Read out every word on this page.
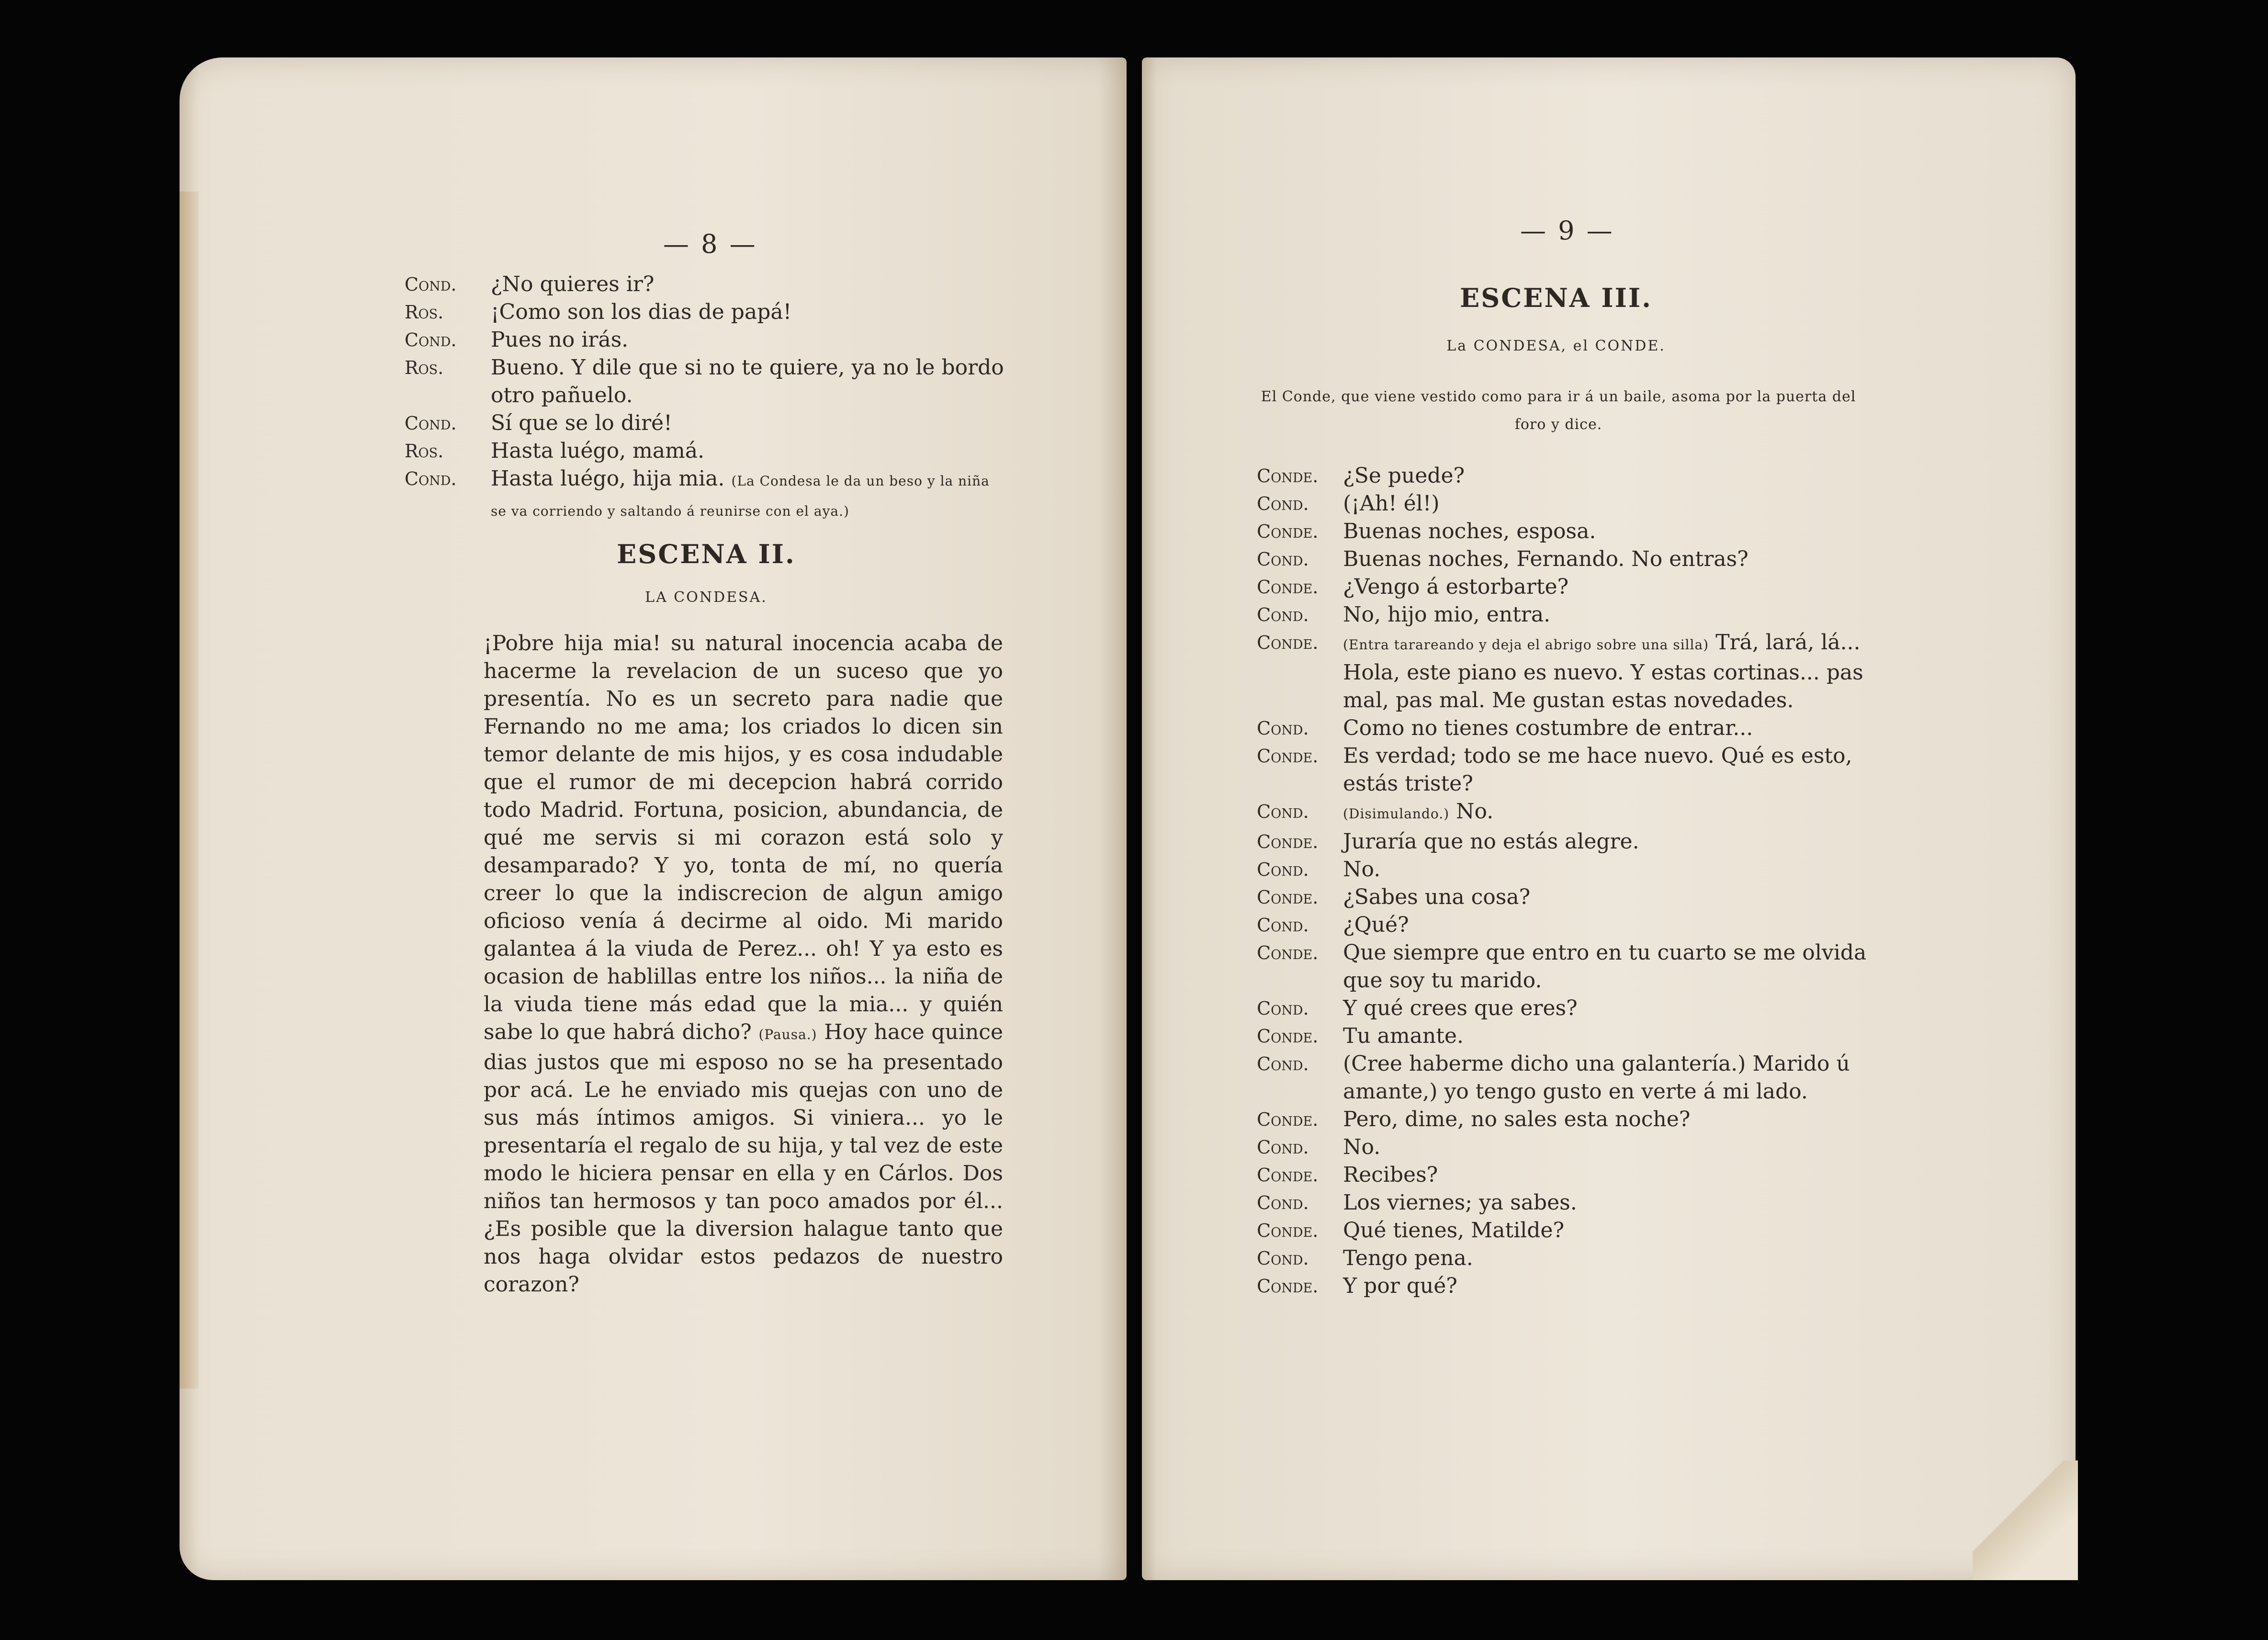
— 8 —
Cond.	¿No quieres ir?
Ros.	¡Como son los dias de papá!
Cond.	Pues no irás.
Ros.	Bueno. Y dile que si no te quiere, ya no le bordo otro pañuelo.
Cond.	Sí que se lo diré!
Ros.	Hasta luégo, mamá.
Cond.	Hasta luégo, hija mia. (La Condesa le da un beso y la niña se va corriendo y saltando á reunirse con el aya.)
ESCENA II.
LA CONDESA.
¡Pobre hija mia! su natural inocencia acaba de hacerme la revelacion de un suceso que yo presentía. No es un secreto para nadie que Fernando no me ama; los criados lo dicen sin temor delante de mis hijos, y es cosa indudable que el rumor de mi decepcion habrá corrido todo Madrid. Fortuna, posicion, abundancia, de qué me servis si mi corazon está solo y desamparado? Y yo, tonta de mí, no quería creer lo que la indiscrecion de algun amigo oficioso venía á decirme al oido. Mi marido galantea á la viuda de Perez... oh! Y ya esto es ocasion de hablillas entre los niños... la niña de la viuda tiene más edad que la mia... y quién sabe lo que habrá dicho? (Pausa.) Hoy hace quince dias justos que mi esposo no se ha presentado por acá. Le he enviado mis quejas con uno de sus más íntimos amigos. Si viniera... yo le presentaría el regalo de su hija, y tal vez de este modo le hiciera pensar en ella y en Cárlos. Dos niños tan hermosos y tan poco amados por él... ¿Es posible que la diversion halague tanto que nos haga olvidar estos pedazos de nuestro corazon?
— 9 —
ESCENA III.
La CONDESA, el CONDE.
El Conde, que viene vestido como para ir á un baile, asoma por la puerta del foro y dice.
Conde.	¿Se puede?
Cond.	(¡Ah! él!)
Conde.	Buenas noches, esposa.
Cond.	Buenas noches, Fernando. No entras?
Conde.	¿Vengo á estorbarte?
Cond.	No, hijo mio, entra.
Conde.	(Entra tarareando y deja el abrigo sobre una silla) Trá, lará, lá... Hola, este piano es nuevo. Y estas cortinas... pas mal, pas mal. Me gustan estas novedades.
Cond.	Como no tienes costumbre de entrar...
Conde.	Es verdad; todo se me hace nuevo. Qué es esto, estás triste?
Cond.	(Disimulando.) No.
Conde.	Juraría que no estás alegre.
Cond.	No.
Conde.	¿Sabes una cosa?
Cond.	¿Qué?
Conde.	Que siempre que entro en tu cuarto se me olvida que soy tu marido.
Cond.	Y qué crees que eres?
Conde.	Tu amante.
Cond.	(Cree haberme dicho una galantería.) Marido ú amante,) yo tengo gusto en verte á mi lado.
Conde.	Pero, dime, no sales esta noche?
Cond.	No.
Conde.	Recibes?
Cond.	Los viernes; ya sabes.
Conde.	Qué tienes, Matilde?
Cond.	Tengo pena.
Conde.	Y por qué?
